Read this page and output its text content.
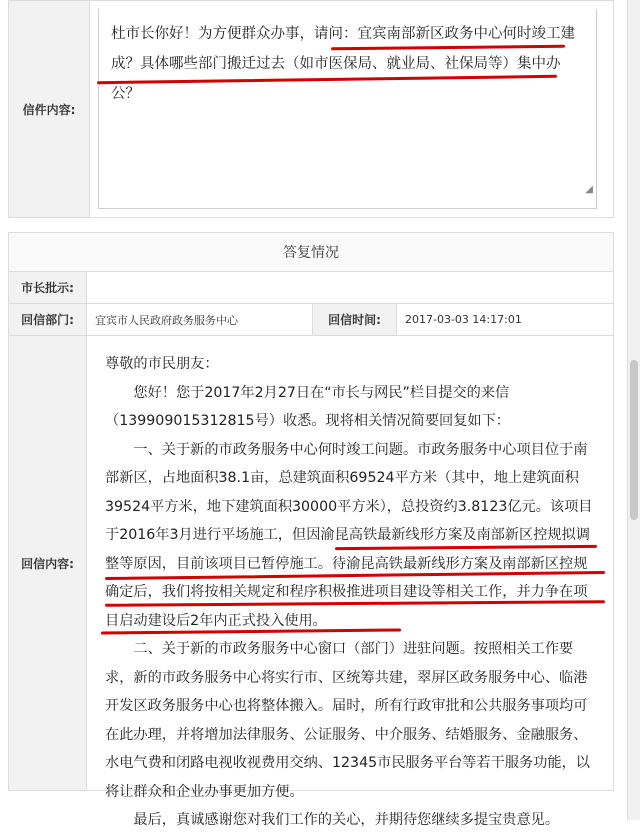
信件内容:	
杜市长你好！为方便群众办事，请问：宜宾南部新区政务中心何时竣工建成？具体哪些部门搬迁过去（如市医保局、就业局、社保局等）集中办公？
◢
答复情况			
市长批示:			
回信部门:	宜宾市人民政府政务服务中心	回信时间:	2017-03-03 14:17:01
回信内容:	尊敬的市民朋友：

您好！您于2017年2月27日在“市长与网民”栏目提交的来信（13990901531281​5号）收悉。现将相关情况简要回复如下：

一、关于新的市政务服务中心何时竣工问题。市政务服务中心项目位于南部新区，占地面积38.1亩，总建筑面积69524平方米（其中，地上建筑面积39524平方米，地下建筑面积30000平方米），总投资约3.8123亿元。该项目于2016年3月进行平场施工，但因渝昆高铁最新线形方案及南部新区控规拟调整等原因，目前该项目已暂停施工。待渝昆高铁最新线形方案及南部新区控规确定后，我们将按相关规定和程序积极推进项目建设等相关工作，并力争在项目启动建设后2年内正式投入使用。

二、关于新的市政务服务中心窗口（部门）进驻问题。按照相关工作要求，新的市政务服务中心将实行市、区统筹共建，翠屏区政务服务中心、临港开发区政务服务中心也将整体搬入。届时，所有行政审批和公共服务事项均可在此办理，并将增加法律服务、公证服务、中介服务、结婚服务、金融服务、水电气费和闭路电视收视费用交纳、12345市民服务平台等若干服务功能，以将让群众和企业办事更加方便。

最后，真诚感谢您对我们工作的关心，并期待您继续多提宝贵意见。		
